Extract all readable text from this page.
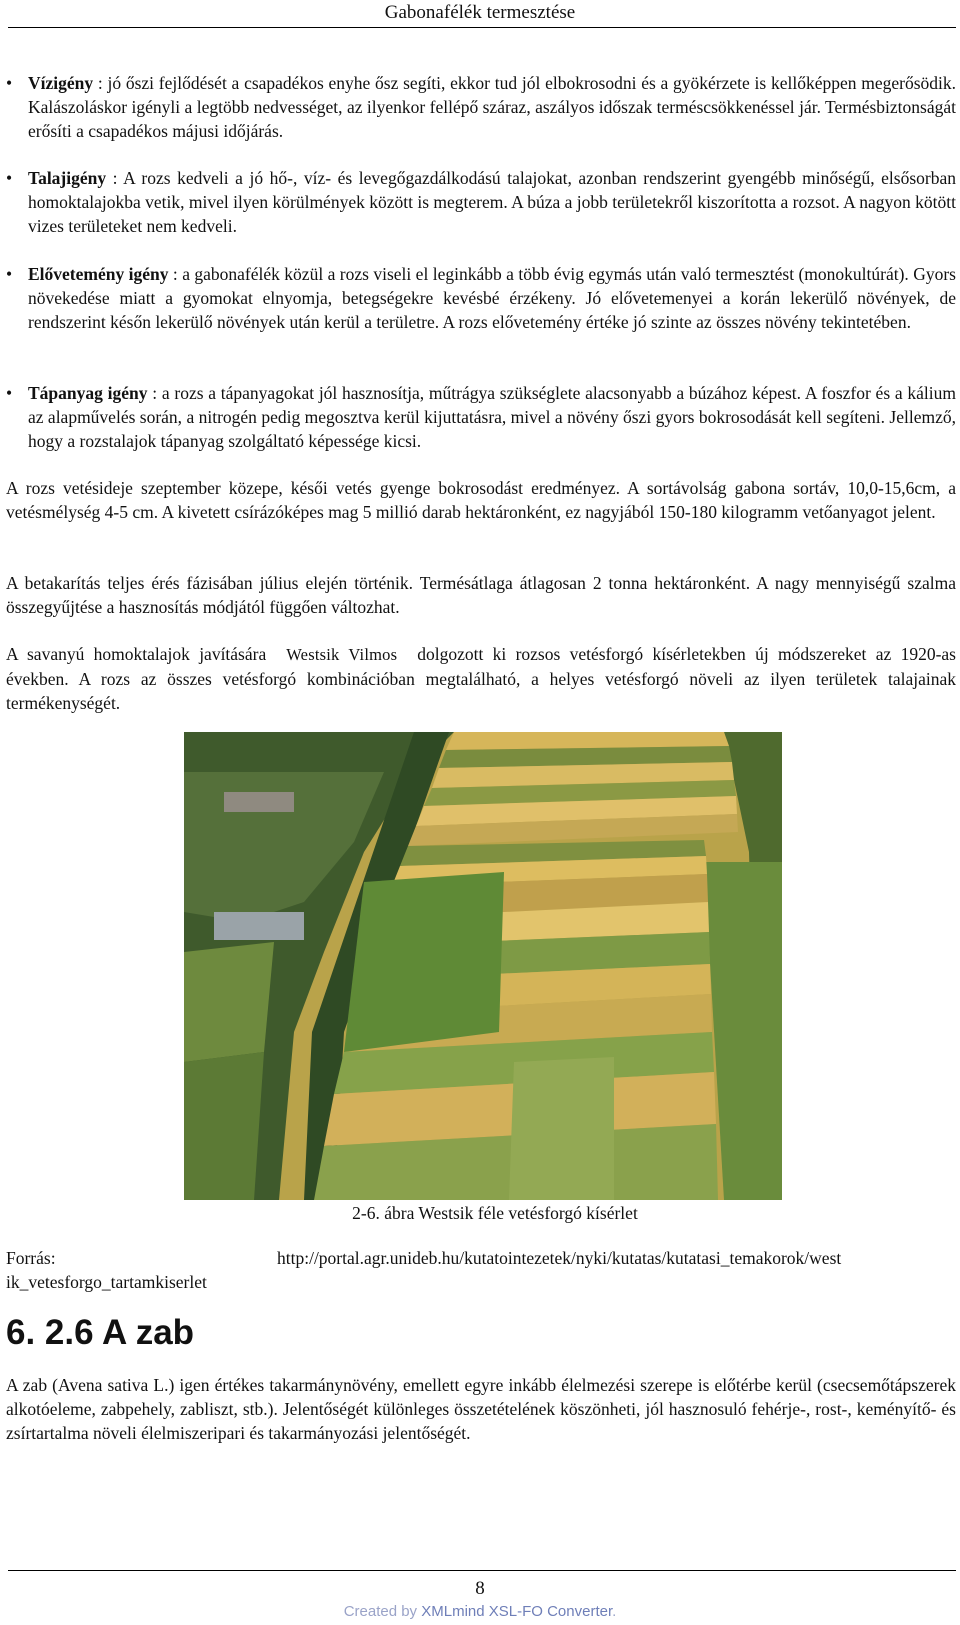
Gabonafélék termesztése
• Vízigény : jó őszi fejlődését a csapadékos enyhe ősz segíti, ekkor tud jól elbokrosodni és a gyökérzete is kellőképpen megerősödik. Kalászoláskor igényli a legtöbb nedvességet, az ilyenkor fellépő száraz, aszályos időszak terméscsökkenéssel jár. Termésbiztonságát erősíti a csapadékos májusi időjárás.
• Talajigény : A rozs kedveli a jó hő-, víz- és levegőgazdálkodású talajokat, azonban rendszerint gyengébb minőségű, elsősorban homoktalajokba vetik, mivel ilyen körülmények között is megterem. A búza a jobb területekről kiszorította a rozsot. A nagyon kötött vizes területeket nem kedveli.
• Elővetemény igény : a gabonafélék közül a rozs viseli el leginkább a több évig egymás után való termesztést (monokultúrát). Gyors növekedése miatt a gyomokat elnyomja, betegségekre kevésbé érzékeny. Jó elővetemenyei a korán lekerülő növények, de rendszerint későn lekerülő növények után kerül a területre. A rozs elővetemény értéke jó szinte az összes növény tekintetében.
• Tápanyag igény : a rozs a tápanyagokat jól hasznosítja, műtrágya szükséglete alacsonyabb a búzához képest. A foszfor és a kálium az alapművelés során, a nitrogén pedig megosztva kerül kijuttatásra, mivel a növény őszi gyors bokrosodását kell segíteni. Jellemző, hogy a rozstalajok tápanyag szolgáltató képessége kicsi.
A rozs vetésideje szeptember közepe, késői vetés gyenge bokrosodást eredményez. A sortávolság gabona sortáv, 10,0-15,6cm, a vetésmélység 4-5 cm. A kivetett csírázóképes mag 5 millió darab hektáronként, ez nagyjából 150-180 kilogramm vetőanyagot jelent.
A betakarítás teljes érés fázisában július elején történik. Termésátlaga átlagosan 2 tonna hektáronként. A nagy mennyiségű szalma összegyűjtése a hasznosítás módjától függően változhat.
A savanyú homoktalajok javítására Westsik Vilmos dolgozott ki rozsos vetésforgó kísérletekben új módszereket az 1920-as években. A rozs az összes vetésforgó kombinációban megtalálható, a helyes vetésforgó növeli az ilyen területek talajainak termékenységét.
2-6. ábra Westsik féle vetésforgó kísérlet
Forrás:	http://portal.agr.unideb.hu/kutatointezetek/nyki/kutatas/kutatasi_temakorok/west
ik_vetesforgo_tartamkiserlet
6. 2.6 A zab
A zab (Avena sativa L.) igen értékes takarmánynövény, emellett egyre inkább élelmezési szerepe is előtérbe kerül (csecsemőtápszerek alkotóeleme, zabpehely, zabliszt, stb.). Jelentőségét különleges összetételének köszönheti, jól hasznosuló fehérje-, rost-, keményítő- és zsírtartalma növeli élelmiszeripari és takarmányozási jelentőségét.
8
Created by XMLmind XSL-FO Converter.
